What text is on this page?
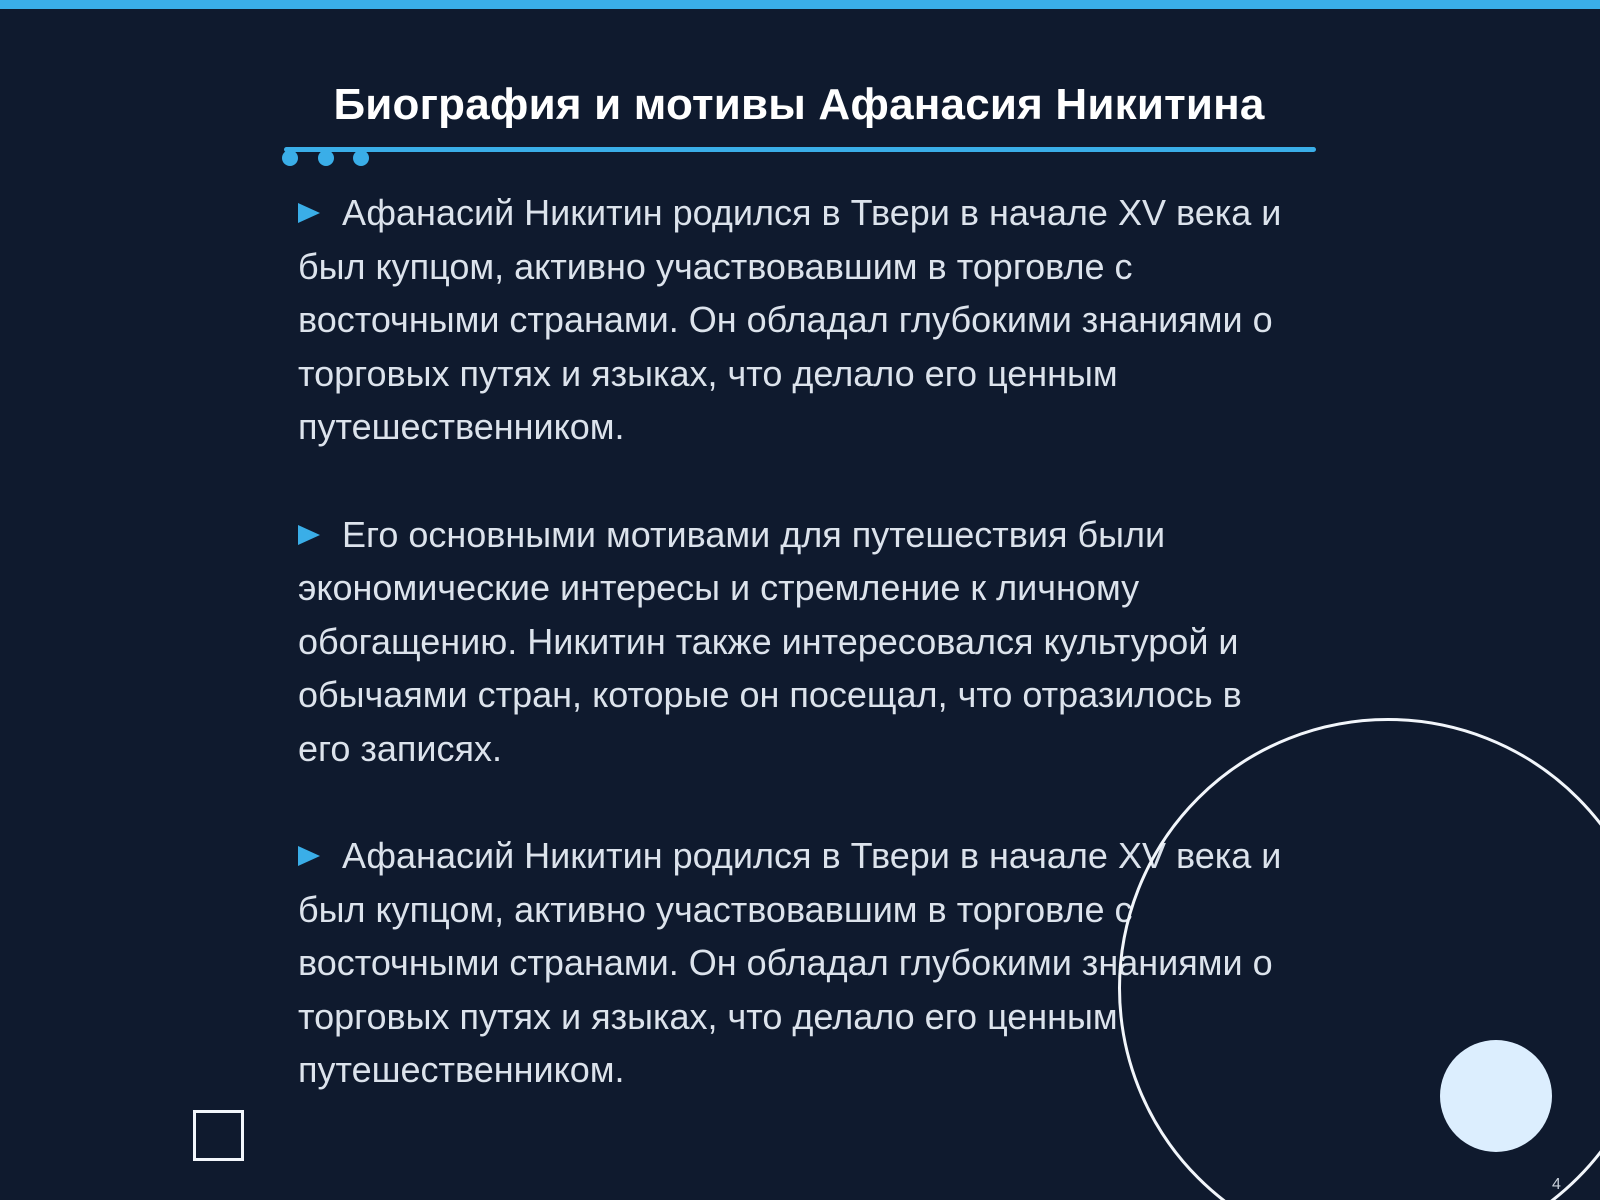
Биография и мотивы Афанасия Никитина

Афанасий Никитин родился в Твери в начале XV века и был купцом, активно участвовавшим в торговле с восточными странами. Он обладал глубокими знаниями о торговых путях и языках, что делало его ценным путешественником.

Его основными мотивами для путешествия были экономические интересы и стремление к личному обогащению. Никитин также интересовался культурой и обычаями стран, которые он посещал, что отразилось в его записях.

Афанасий Никитин родился в Твери в начале XV века и был купцом, активно участвовавшим в торговле с восточными странами. Он обладал глубокими знаниями о торговых путях и языках, что делало его ценным путешественником.

4
